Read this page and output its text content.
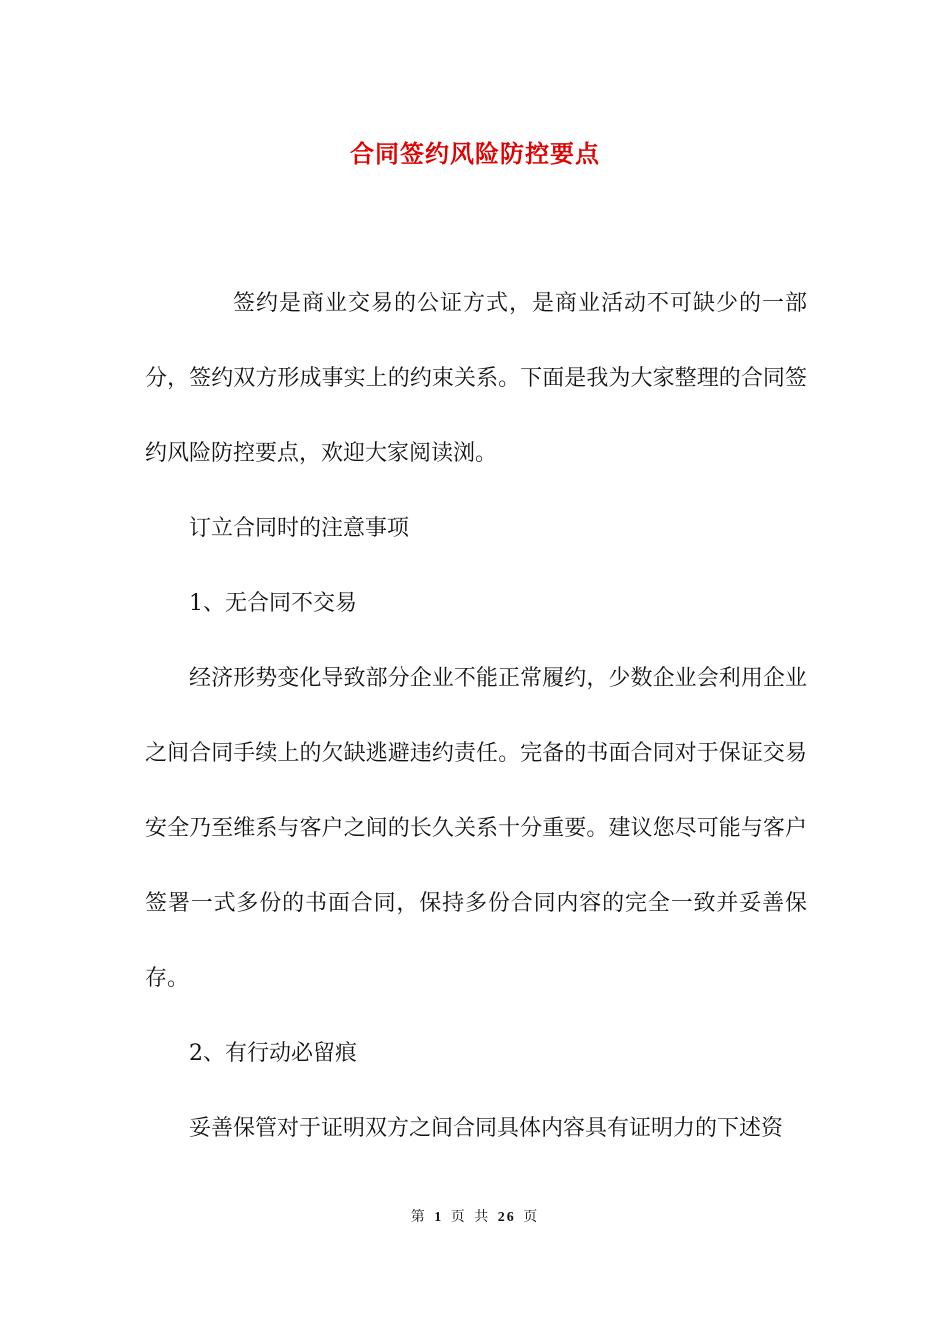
合同签约风险防控要点

签约是商业交易的公证方式，是商业活动不可缺少的一部分，签约双方形成事实上的约束关系。下面是我为大家整理的合同签约风险防控要点，欢迎大家阅读浏。

订立合同时的注意事项

1、无合同不交易

经济形势变化导致部分企业不能正常履约，少数企业会利用企业之间合同手续上的欠缺逃避违约责任。完备的书面合同对于保证交易安全乃至维系与客户之间的长久关系十分重要。建议您尽可能与客户签署一式多份的书面合同，保持多份合同内容的完全一致并妥善保存。

2、有行动必留痕

妥善保管对于证明双方之间合同具体内容具有证明力的下述资

第 1 页 共 26 页
